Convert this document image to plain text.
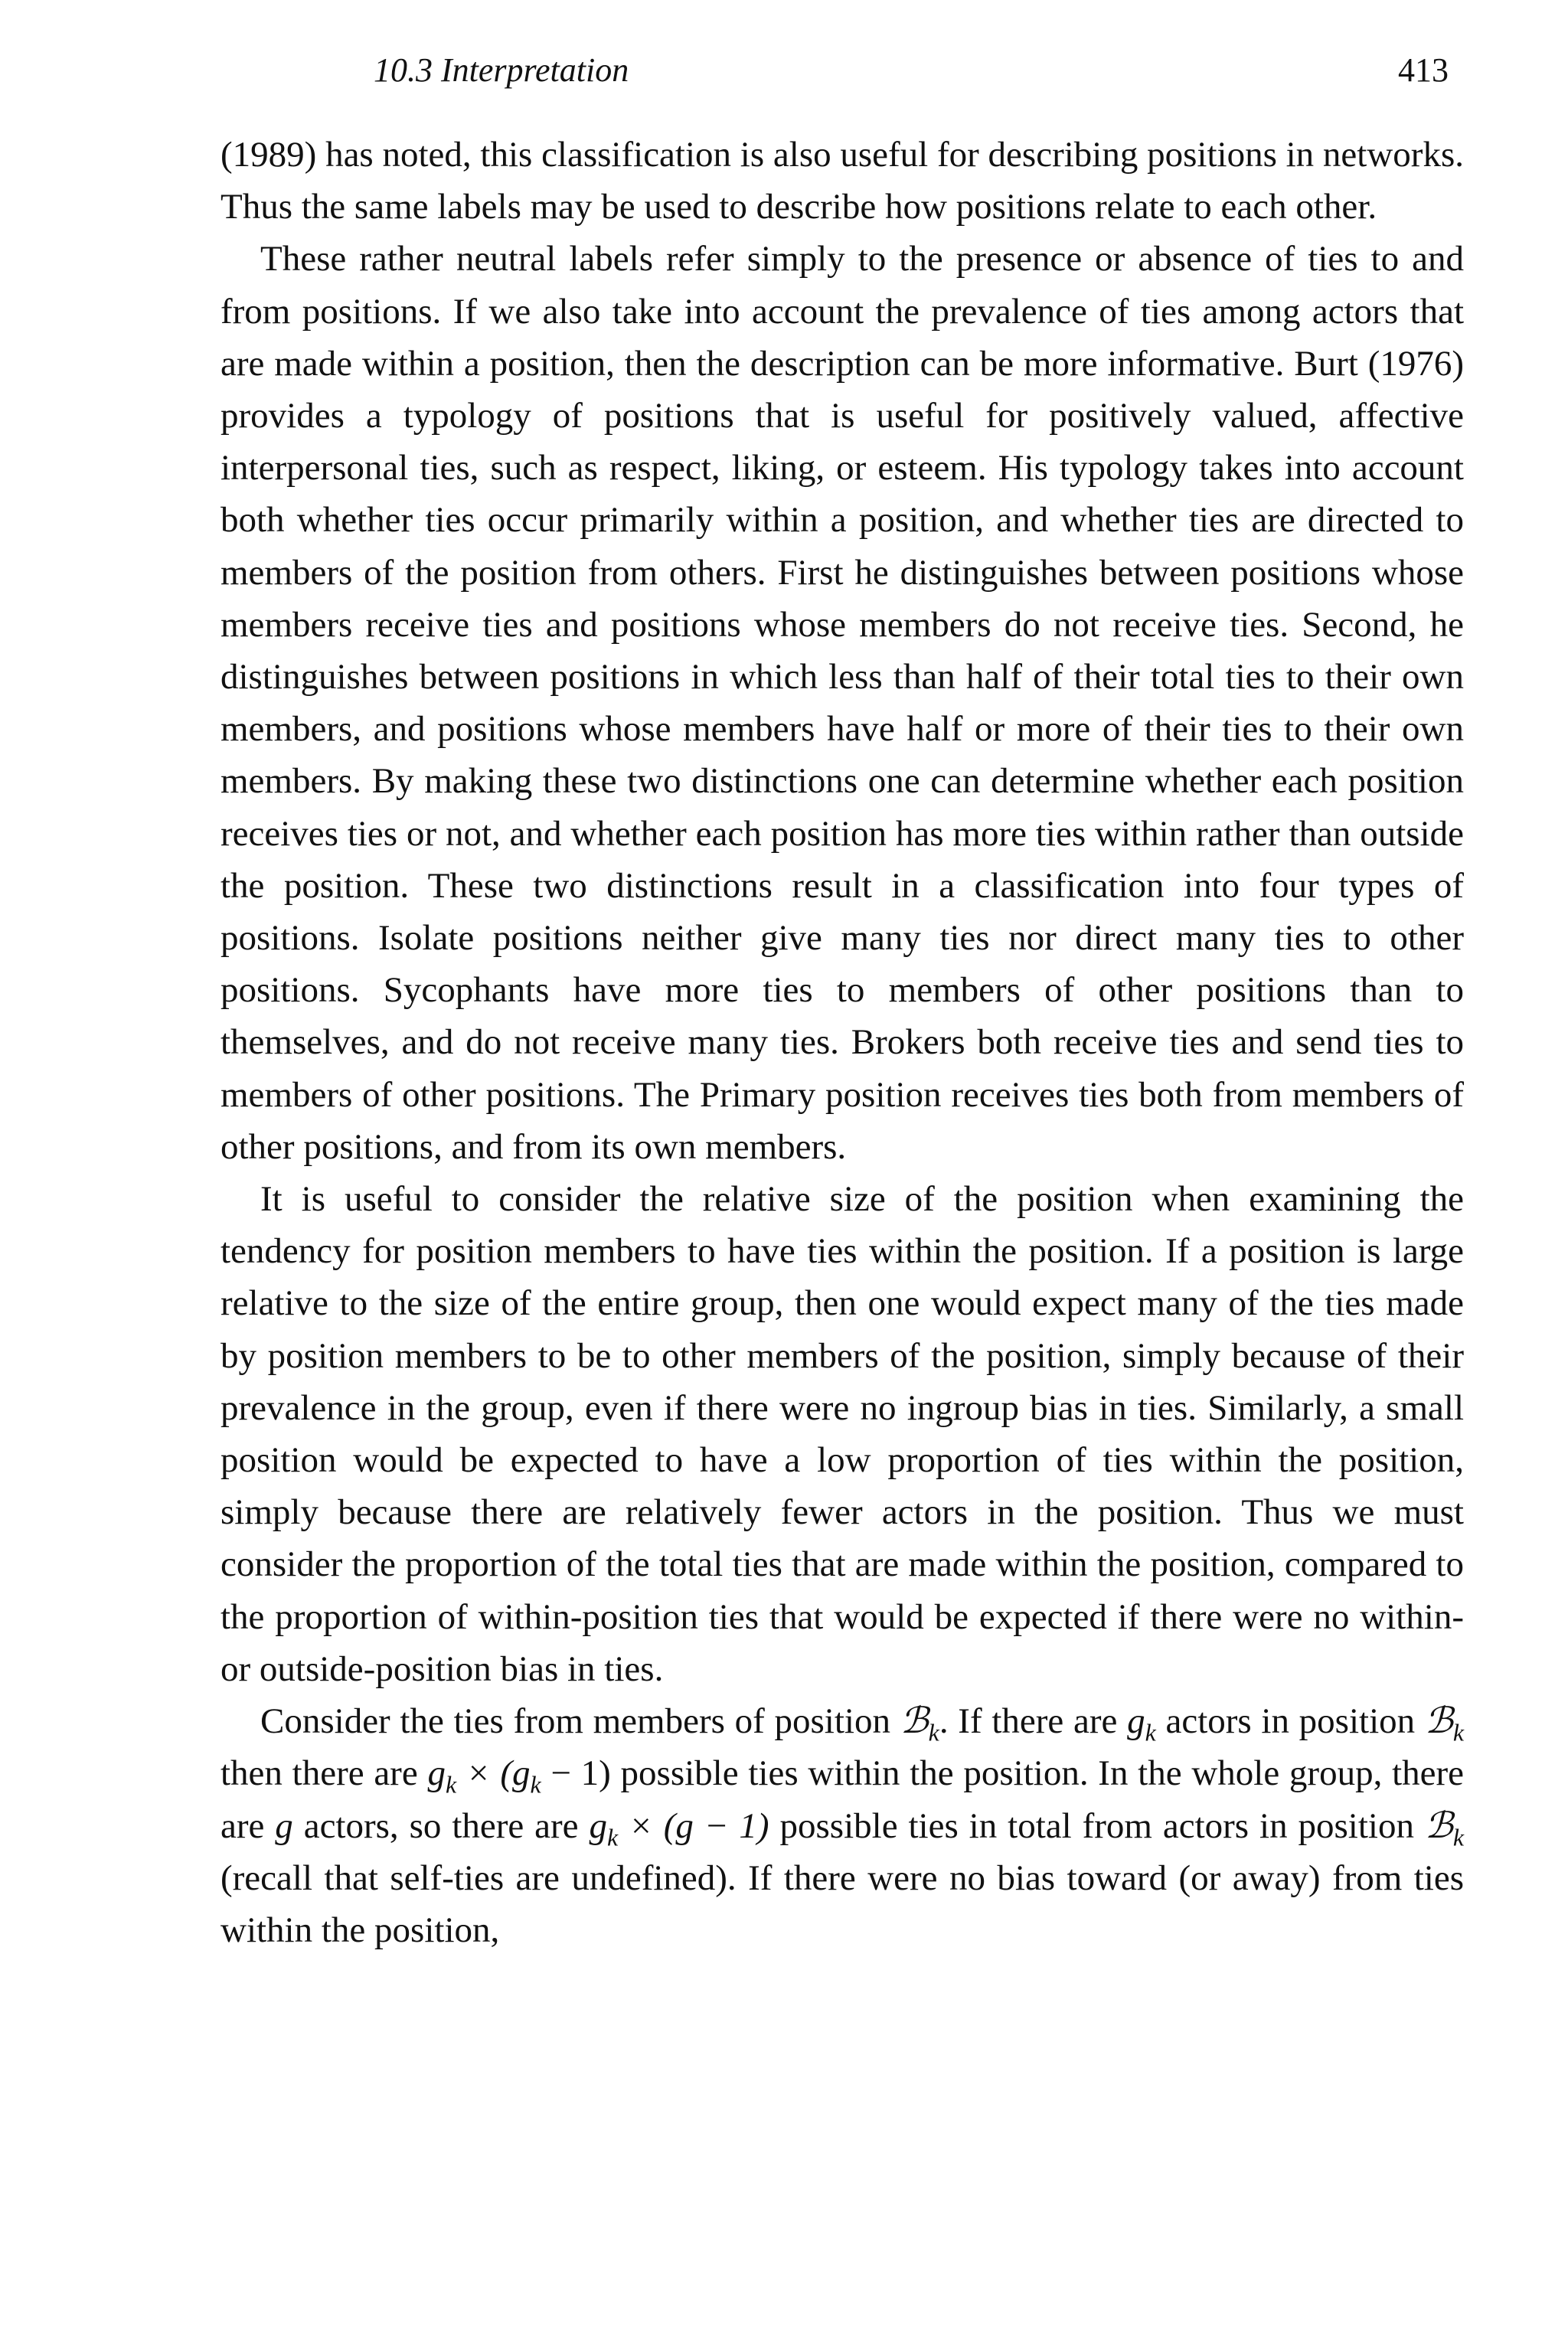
10.3 Interpretation	413

(1989) has noted, this classification is also useful for describing positions in networks. Thus the same labels may be used to describe how positions relate to each other.

These rather neutral labels refer simply to the presence or absence of ties to and from positions. If we also take into account the prevalence of ties among actors that are made within a position, then the description can be more informative. Burt (1976) provides a typology of positions that is useful for positively valued, affective interpersonal ties, such as respect, liking, or esteem. His typology takes into account both whether ties occur primarily within a position, and whether ties are directed to members of the position from others. First he distinguishes between positions whose members receive ties and positions whose members do not receive ties. Second, he distinguishes between positions in which less than half of their total ties to their own members, and positions whose members have half or more of their ties to their own members. By making these two distinctions one can determine whether each position receives ties or not, and whether each position has more ties within rather than outside the position. These two distinctions result in a classification into four types of positions. Isolate positions neither give many ties nor direct many ties to other positions. Sycophants have more ties to members of other positions than to themselves, and do not receive many ties. Brokers both receive ties and send ties to members of other positions. The Primary position receives ties both from members of other positions, and from its own members.

It is useful to consider the relative size of the position when examining the tendency for position members to have ties within the position. If a position is large relative to the size of the entire group, then one would expect many of the ties made by position members to be to other members of the position, simply because of their prevalence in the group, even if there were no ingroup bias in ties. Similarly, a small position would be expected to have a low proportion of ties within the position, simply because there are relatively fewer actors in the position. Thus we must consider the proportion of the total ties that are made within the position, compared to the proportion of within-position ties that would be expected if there were no within- or outside-position bias in ties.

Consider the ties from members of position ℬ$_k$. If there are $g_k$ actors in position ℬ$_k$ then there are $g_k \times (g_k - 1)$ possible ties within the position. In the whole group, there are g actors, so there are $g_k \times (g - 1)$ possible ties in total from actors in position ℬ$_k$ (recall that self-ties are undefined). If there were no bias toward (or away) from ties within the position,
